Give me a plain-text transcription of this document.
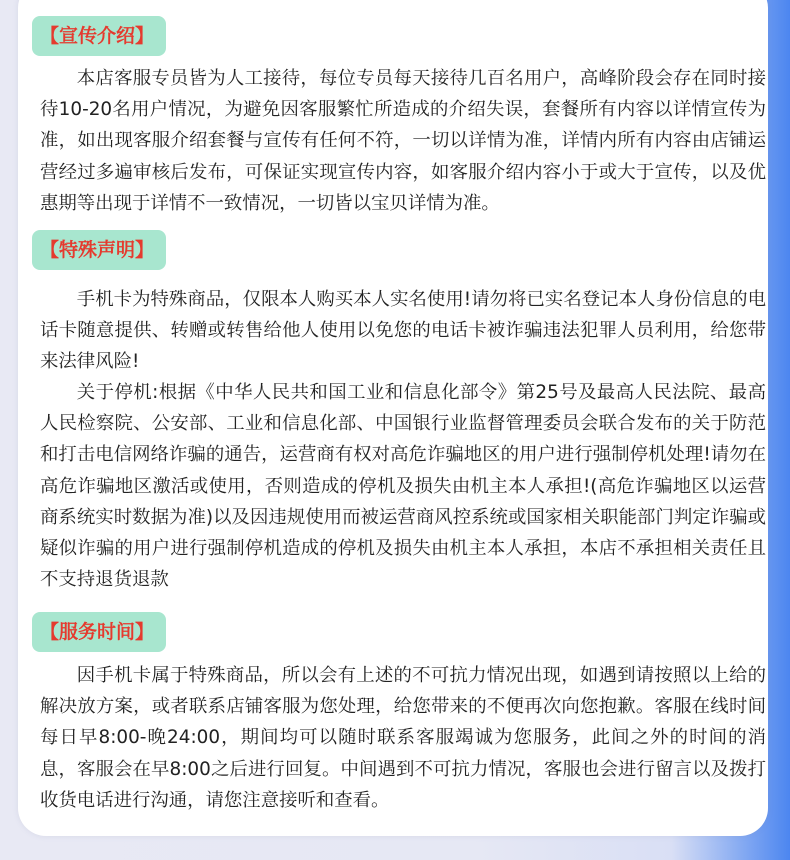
【宣传介绍】

本店客服专员皆为人工接待，每位专员每天接待几百名用户，高峰阶段会存在同时接待10-20名用户情况，为避免因客服繁忙所造成的介绍失误，套餐所有内容以详情宣传为准，如出现客服介绍套餐与宣传有任何不符，一切以详情为准，详情内所有内容由店铺运营经过多遍审核后发布，可保证实现宣传内容，如客服介绍内容小于或大于宣传，以及优惠期等出现于详情不一致情况，一切皆以宝贝详情为准。

【特殊声明】

手机卡为特殊商品，仅限本人购买本人实名使用!请勿将已实名登记本人身份信息的电话卡随意提供、转赠或转售给他人使用以免您的电话卡被诈骗违法犯罪人员利用，给您带来法律风险!

关于停机:根据《中华人民共和国工业和信息化部令》第25号及最高人民法院、最高人民检察院、公安部、工业和信息化部、中国银行业监督管理委员会联合发布的关于防范和打击电信网络诈骗的通告，运营商有权对高危诈骗地区的用户进行强制停机处理!请勿在高危诈骗地区激活或使用，否则造成的停机及损失由机主本人承担!(高危诈骗地区以运营商系统实时数据为准)以及因违规使用而被运营商风控系统或国家相关职能部门判定诈骗或疑似诈骗的用户进行强制停机造成的停机及损失由机主本人承担，本店不承担相关责任且不支持退货退款

【服务时间】

因手机卡属于特殊商品，所以会有上述的不可抗力情况出现，如遇到请按照以上给的解决放方案，或者联系店铺客服为您处理，给您带来的不便再次向您抱歉。客服在线时间每日早8:00-晚24:00，期间均可以随时联系客服竭诚为您服务，此间之外的时间的消息，客服会在早8:00之后进行回复。中间遇到不可抗力情况，客服也会进行留言以及拨打收货电话进行沟通，请您注意接听和查看。
